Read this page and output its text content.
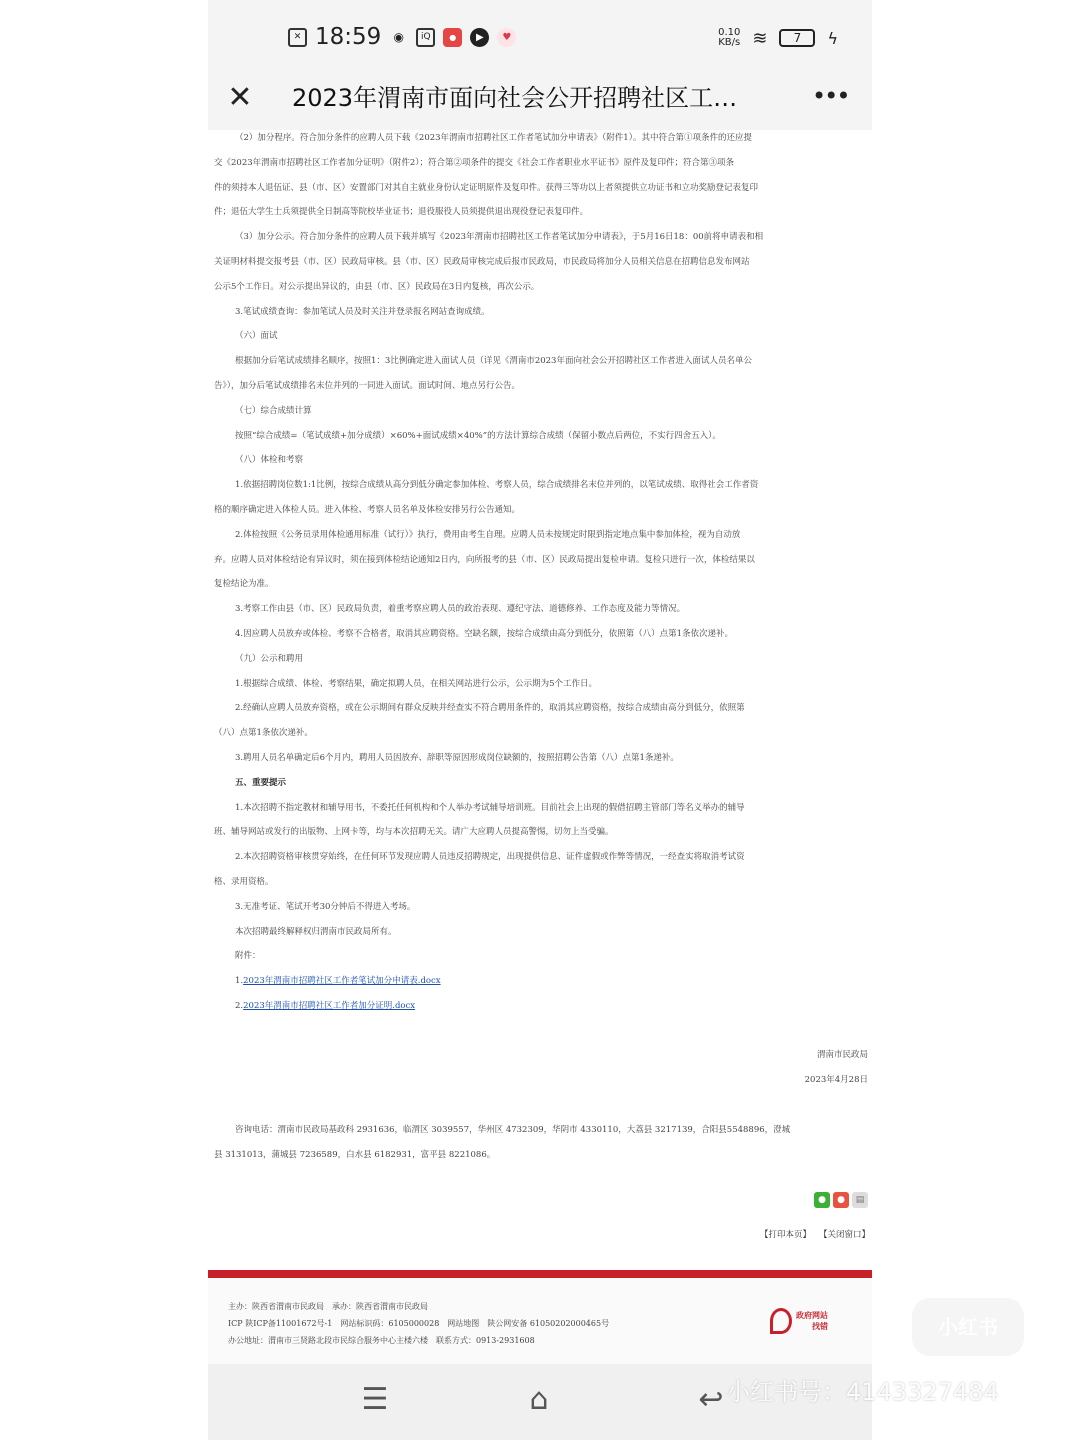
✕ 18:59	◉	iQ	●	▶	♥	0.10
KB/s ≋	7	ϟ
✕ 2023年渭南市面向社会公开招聘社区工…	•••

（2）加分程序。符合加分条件的应聘人员下载《2023年渭南市招聘社区工作者笔试加分申请表》（附件1）。其中符合第①项条件的还应提

交《2023年渭南市招聘社区工作者加分证明》（附件2）；符合第②项条件的提交《社会工作者职业水平证书》原件及复印件；符合第③项条

件的须持本人退伍证、县（市、区）安置部门对其自主就业身份认定证明原件及复印件。获得三等功以上者须提供立功证书和立功奖励登记表复印

件；退伍大学生士兵须提供全日制高等院校毕业证书；退役服役人员须提供退出现役登记表复印件。

（3）加分公示。符合加分条件的应聘人员下载并填写《2023年渭南市招聘社区工作者笔试加分申请表》，于5月16日18：00前将申请表和相

关证明材料提交报考县（市、区）民政局审核。县（市、区）民政局审核完成后报市民政局，市民政局将加分人员相关信息在招聘信息发布网站

公示5个工作日。对公示提出异议的，由县（市、区）民政局在3日内复核，再次公示。

3.笔试成绩查询：参加笔试人员及时关注并登录报名网站查询成绩。

（六）面试

根据加分后笔试成绩排名顺序，按照1：3比例确定进入面试人员（详见《渭南市2023年面向社会公开招聘社区工作者进入面试人员名单公

告》），加分后笔试成绩排名末位并列的一同进入面试。面试时间、地点另行公告。

（七）综合成绩计算

按照“综合成绩=（笔试成绩+加分成绩）×60%+面试成绩×40%”的方法计算综合成绩（保留小数点后两位，不实行四舍五入）。

（八）体检和考察

1.依据招聘岗位数1:1比例，按综合成绩从高分到低分确定参加体检、考察人员，综合成绩排名末位并列的，以笔试成绩、取得社会工作者资

格的顺序确定进入体检人员。进入体检、考察人员名单及体检安排另行公告通知。

2.体检按照《公务员录用体检通用标准（试行）》执行，费用由考生自理。应聘人员未按规定时限到指定地点集中参加体检，视为自动放

弃。应聘人员对体检结论有异议时，须在接到体检结论通知2日内，向所报考的县（市、区）民政局提出复检申请。复检只进行一次，体检结果以

复检结论为准。

3.考察工作由县（市、区）民政局负责，着重考察应聘人员的政治表现、遵纪守法、道德修养、工作态度及能力等情况。

4.因应聘人员放弃或体检、考察不合格者，取消其应聘资格。空缺名额，按综合成绩由高分到低分，依照第（八）点第1条依次递补。

（九）公示和聘用

1.根据综合成绩、体检、考察结果，确定拟聘人员，在相关网站进行公示，公示期为5个工作日。

2.经确认应聘人员放弃资格，或在公示期间有群众反映并经查实不符合聘用条件的，取消其应聘资格，按综合成绩由高分到低分，依照第

（八）点第1条依次递补。

3.聘用人员名单确定后6个月内，聘用人员因放弃、辞职等原因形成岗位缺额的，按照招聘公告第（八）点第1条递补。

五、重要提示

1.本次招聘不指定教材和辅导用书，不委托任何机构和个人举办考试辅导培训班。目前社会上出现的假借招聘主管部门等名义举办的辅导

班、辅导网站或发行的出版物、上网卡等，均与本次招聘无关。请广大应聘人员提高警惕，切勿上当受骗。

2.本次招聘资格审核贯穿始终，在任何环节发现应聘人员违反招聘规定，出现提供信息、证件虚假或作弊等情况，一经查实将取消考试资

格、录用资格。

3.无准考证、笔试开考30分钟后不得进入考场。

本次招聘最终解释权归渭南市民政局所有。

附件：

1.2023年渭南市招聘社区工作者笔试加分申请表.docx

2.2023年渭南市招聘社区工作者加分证明.docx

渭南市民政局

2023年4月28日

咨询电话：渭南市民政局基政科 2931636，临渭区 3039557，华州区 4732309，华阴市 4330110，大荔县 3217139，合阳县5548896，澄城

县 3131013，蒲城县 7236589，白水县 6182931，富平县 8221086。

●	●	▤
【打印本页】 【关闭窗口】
主办：陕西省渭南市民政局　承办：陕西省渭南市民政局
ICP 陕ICP备11001672号-1　网站标识码：6105000028　网站地图　陕公网安备 61050202000465号
办公地址：渭南市三贤路北段市民综合服务中心主楼六楼　联系方式：0913-2931608
政府网站
找错
☰	⌂	↩
小红书
小红书号：4143327484
